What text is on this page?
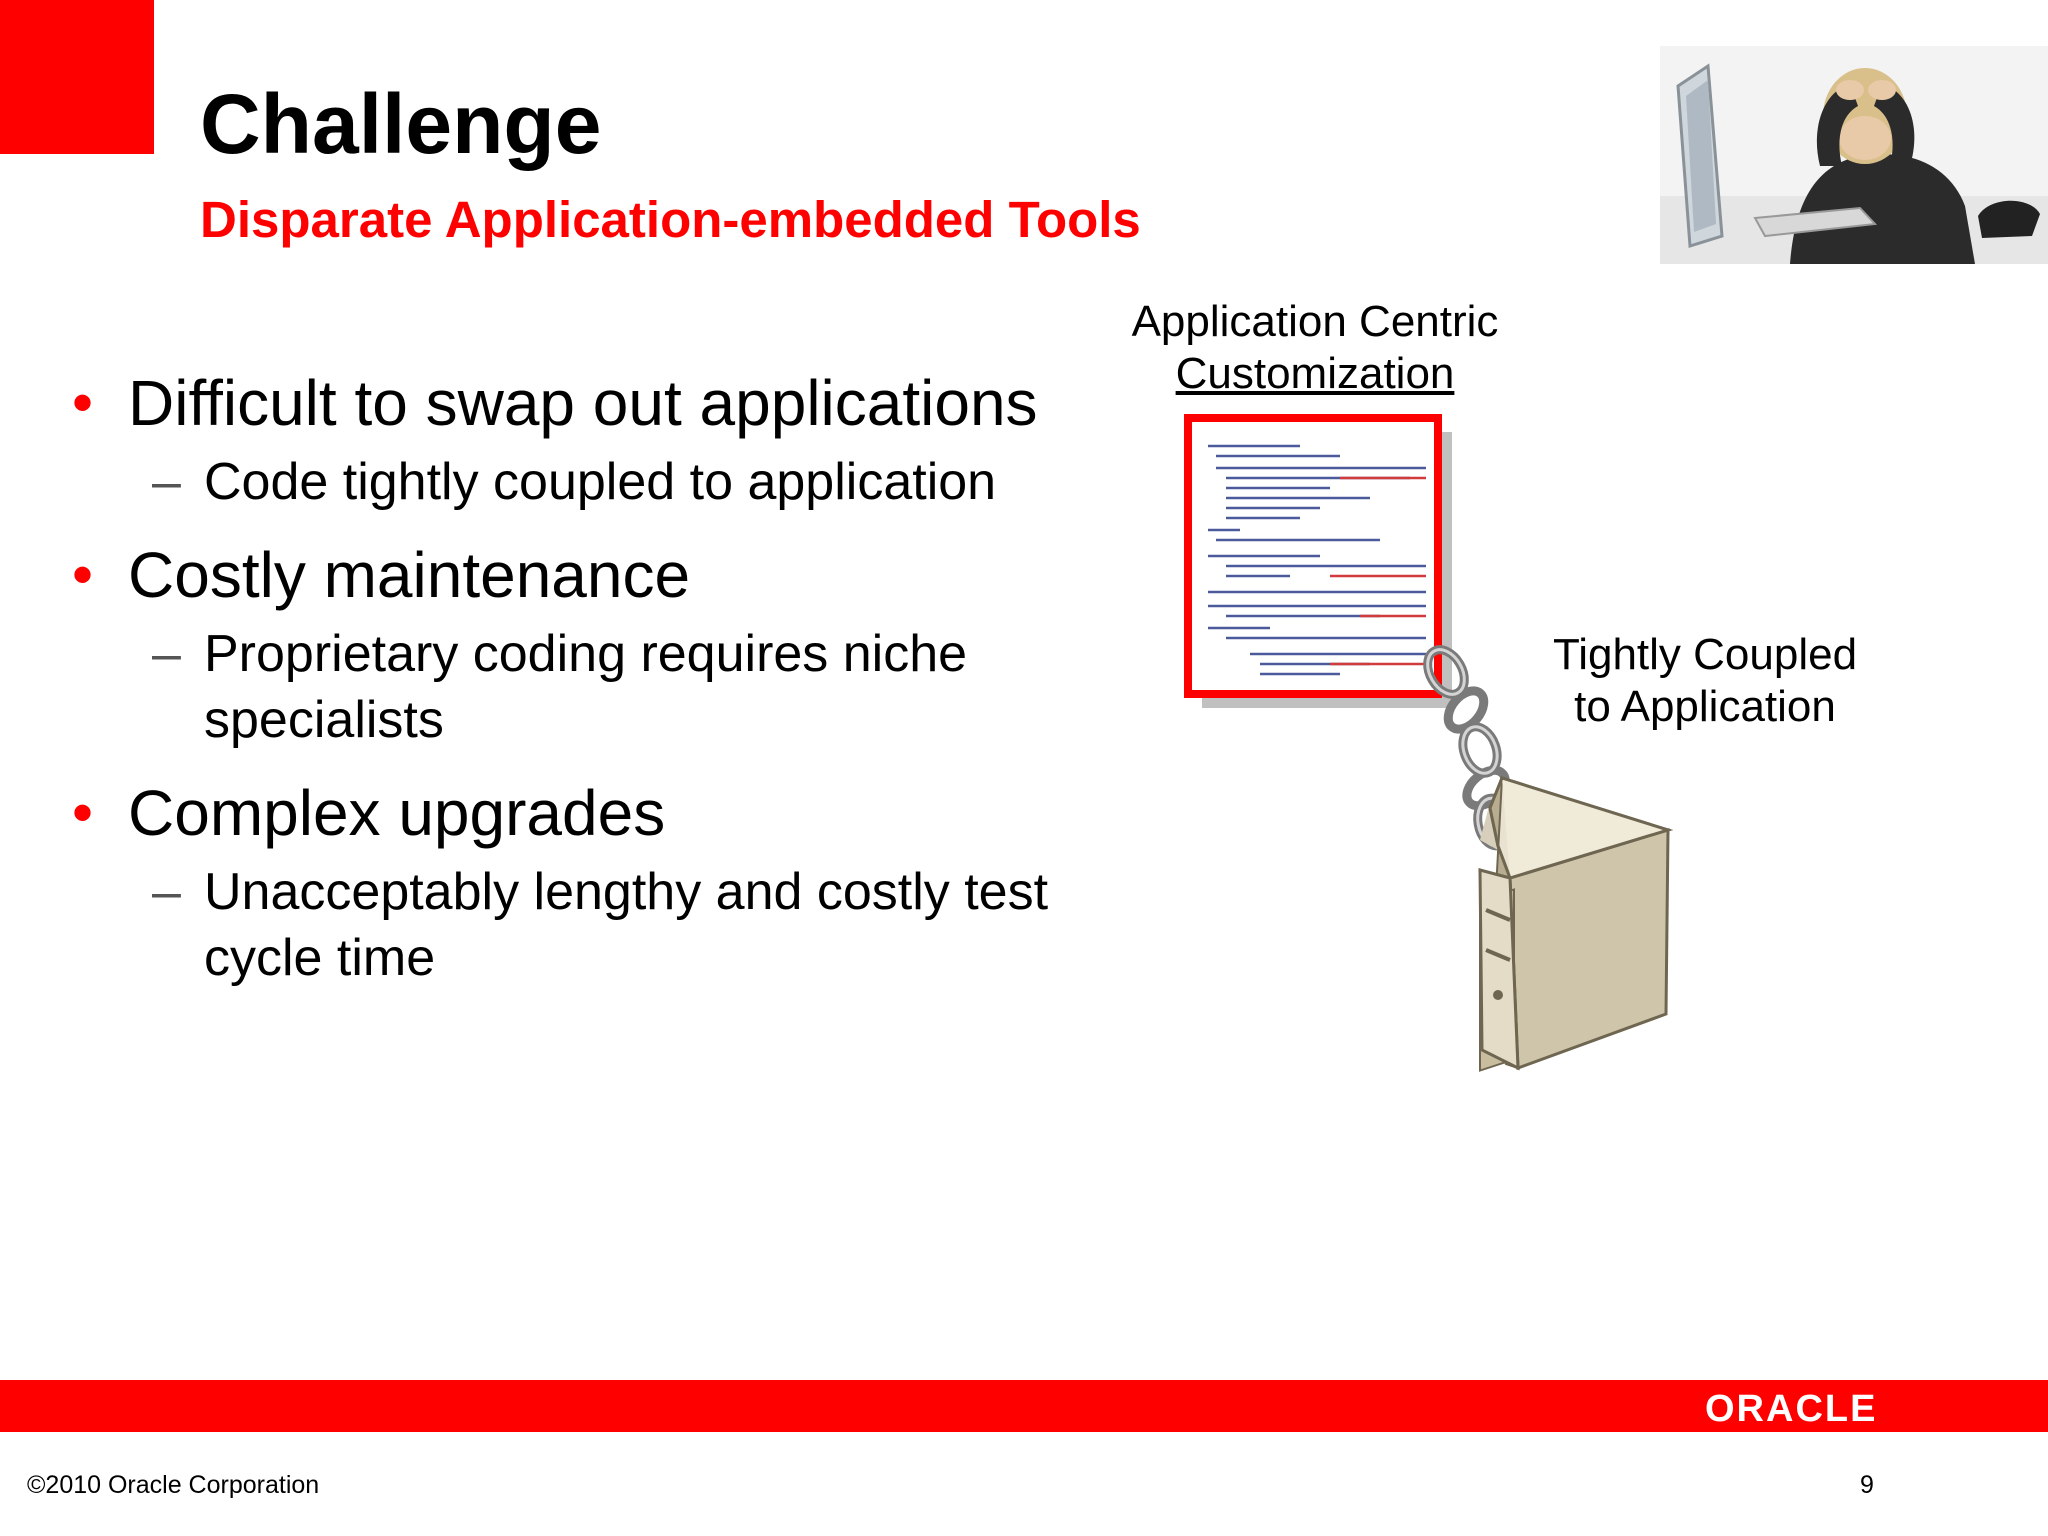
Challenge
Disparate Application-embedded Tools
• Difficult to swap out applications
– Code tightly coupled to application
• Costly maintenance
– Proprietary coding requires niche specialists
• Complex upgrades
– Unacceptably lengthy and costly test cycle time
Application Centric
Customization
Tightly Coupled
to Application
ORACLE
©2010 Oracle Corporation	9
